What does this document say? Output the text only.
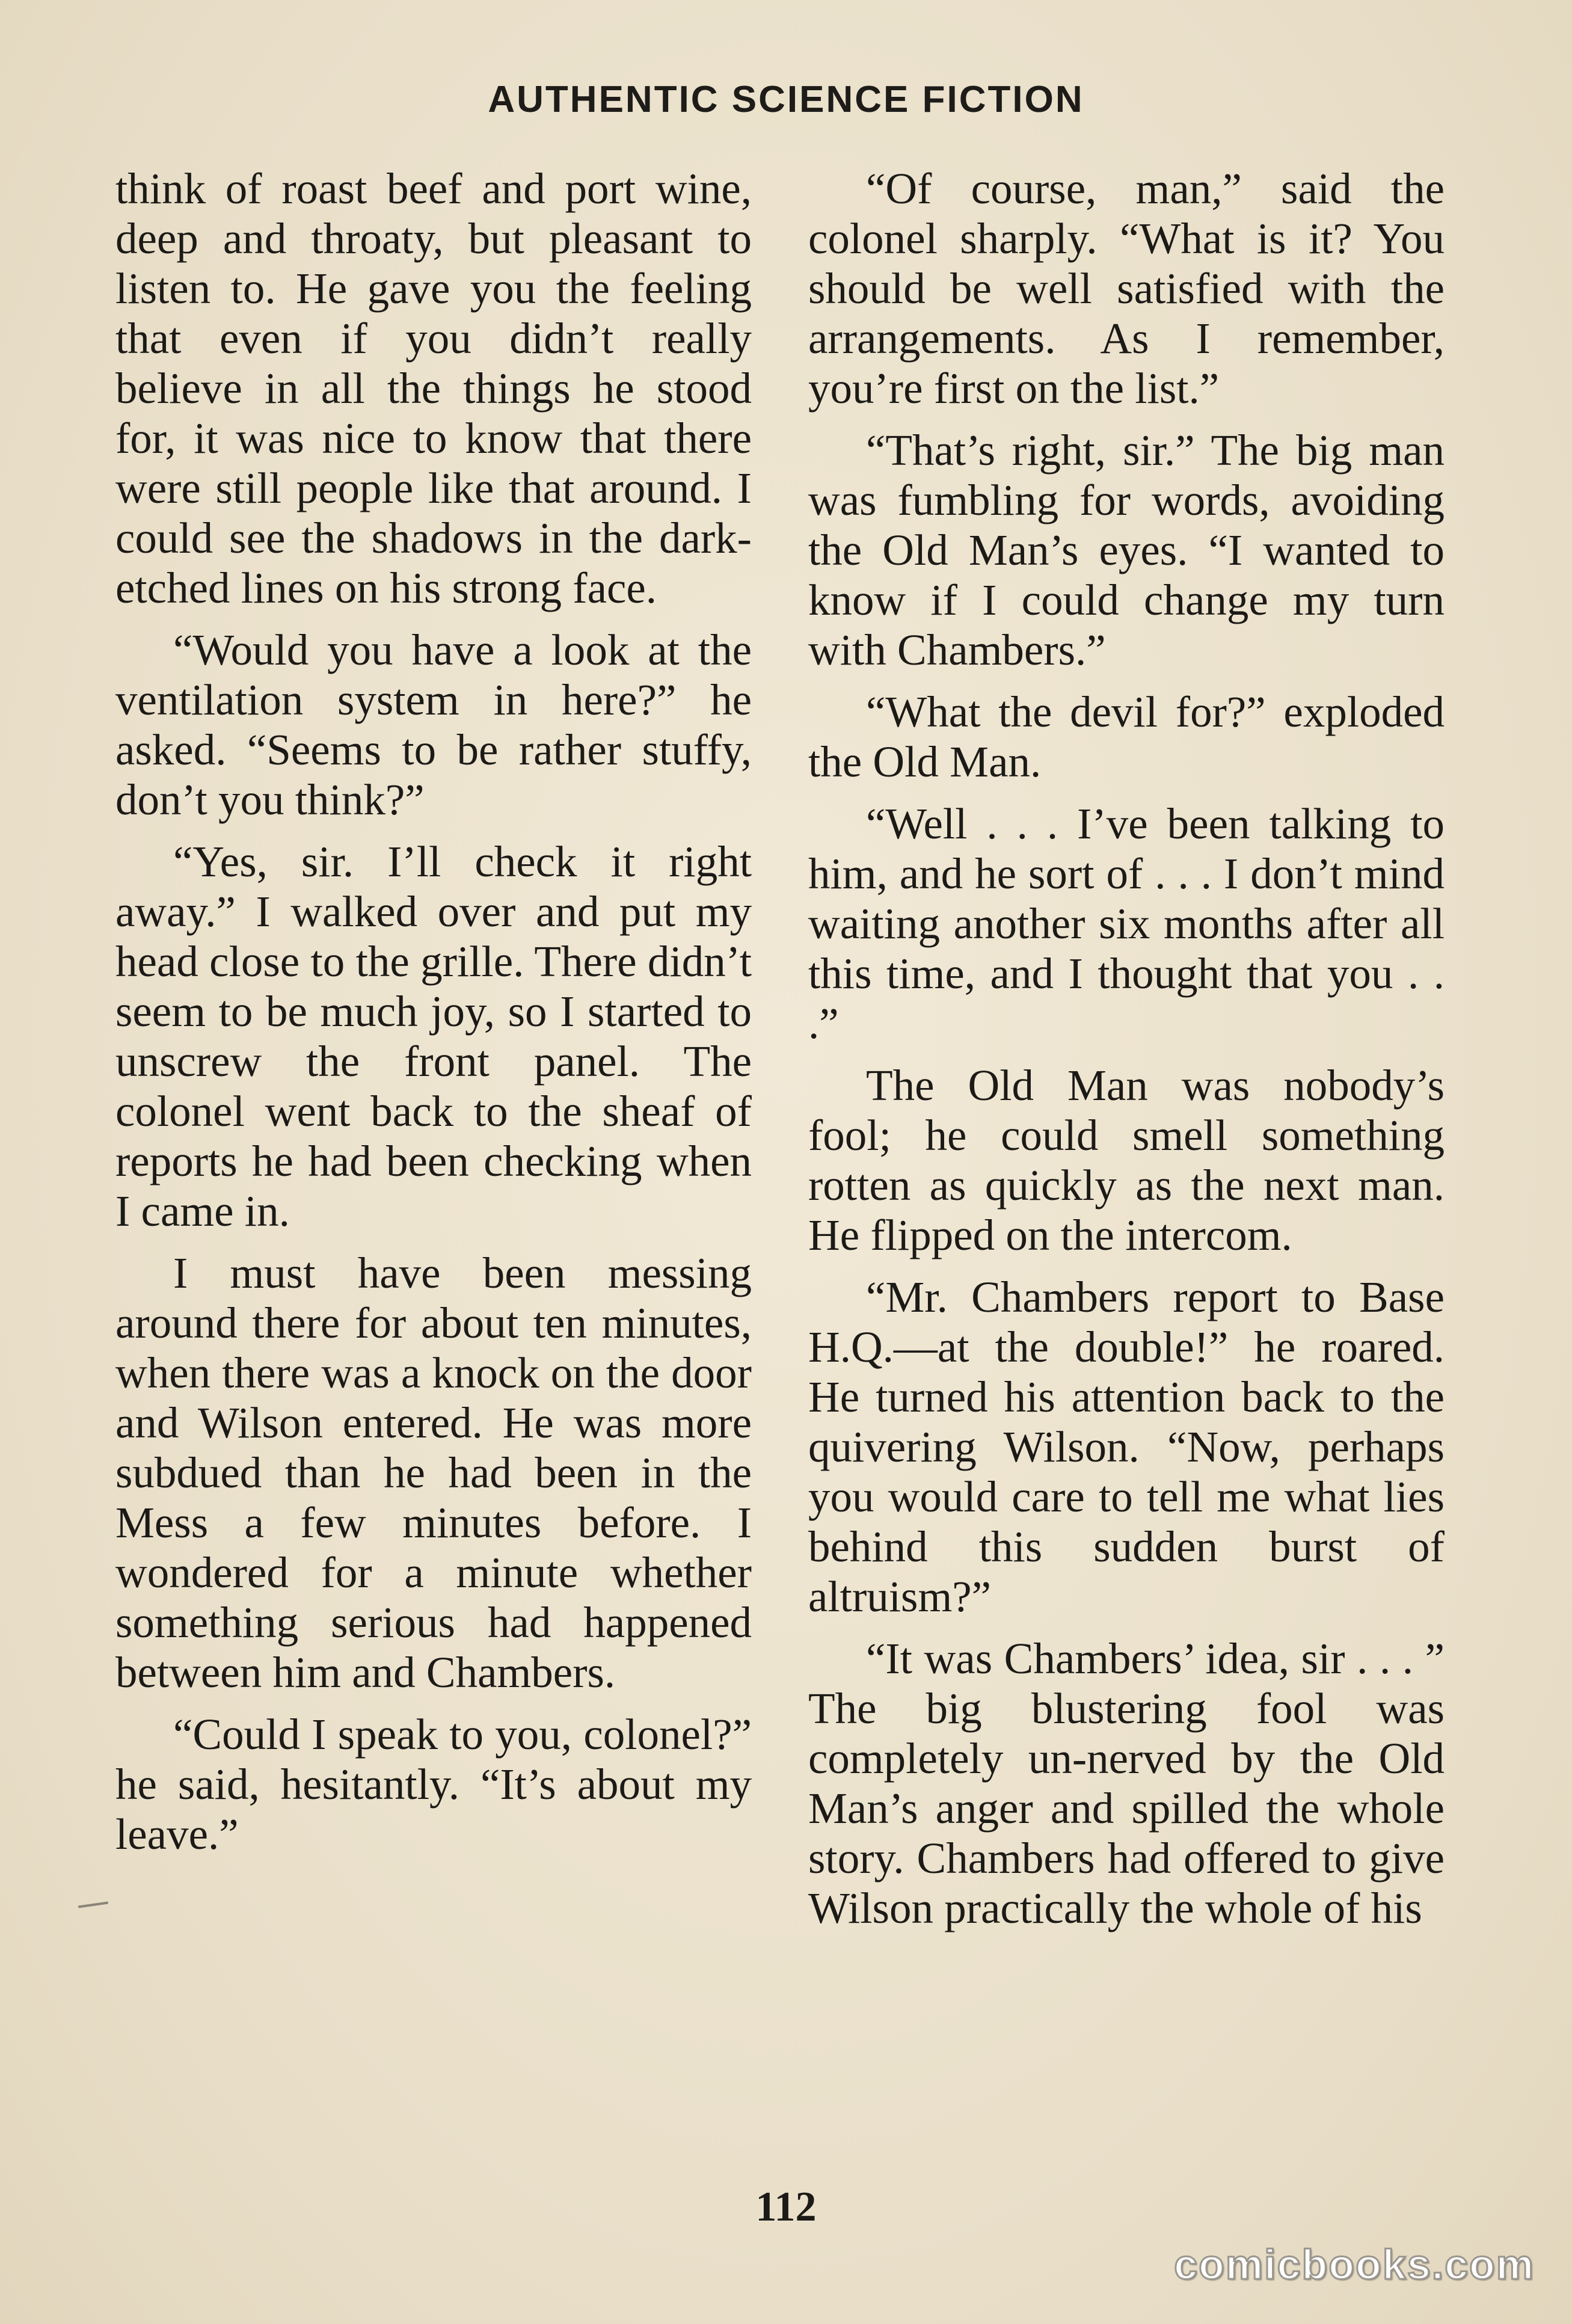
AUTHENTIC SCIENCE FICTION

think of roast beef and port wine, deep and throaty, but pleasant to listen to. He gave you the feeling that even if you didn’t really believe in all the things he stood for, it was nice to know that there were still people like that around. I could see the shadows in the dark-etched lines on his strong face.

“Would you have a look at the ventilation system in here?” he asked. “Seems to be rather stuffy, don’t you think?”

“Yes, sir. I’ll check it right away.” I walked over and put my head close to the grille. There didn’t seem to be much joy, so I started to unscrew the front panel. The colonel went back to the sheaf of reports he had been checking when I came in.

I must have been messing around there for about ten minutes, when there was a knock on the door and Wilson entered. He was more subdued than he had been in the Mess a few minutes before. I wondered for a minute whether something serious had happened between him and Chambers.

“Could I speak to you, colonel?” he said, hesitantly. “It’s about my leave.”

“Of course, man,” said the colonel sharply. “What is it? You should be well satisfied with the arrangements. As I remember, you’re first on the list.”

“That’s right, sir.” The big man was fumbling for words, avoiding the Old Man’s eyes. “I wanted to know if I could change my turn with Chambers.”

“What the devil for?” exploded the Old Man.

“Well . . . I’ve been talking to him, and he sort of . . . I don’t mind waiting another six months after all this time, and I thought that you . . .”

The Old Man was nobody’s fool; he could smell something rotten as quickly as the next man. He flipped on the intercom.

“Mr. Chambers report to Base H.Q.—at the double!” he roared. He turned his attention back to the quivering Wilson. “Now, perhaps you would care to tell me what lies behind this sudden burst of altruism?”

“It was Chambers’ idea, sir . . . ” The big blustering fool was completely un-nerved by the Old Man’s anger and spilled the whole story. Chambers had offered to give Wilson practically the whole of his

112
comicbooks.com
